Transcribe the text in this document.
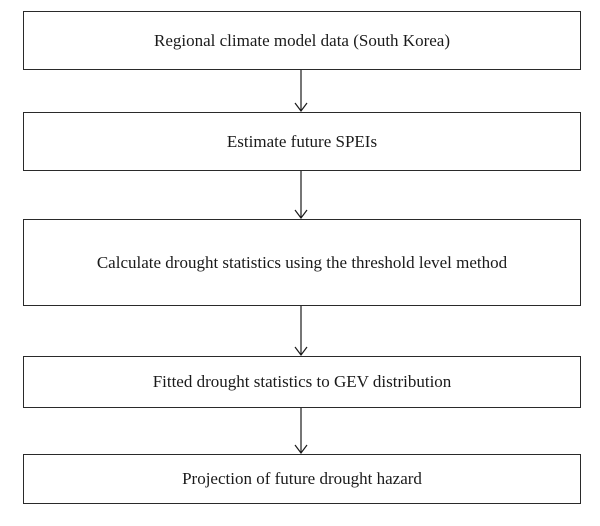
Regional climate model data (South Korea)
Estimate future SPEIs
Calculate drought statistics using the threshold level method
Fitted drought statistics to GEV distribution
Projection of future drought hazard
